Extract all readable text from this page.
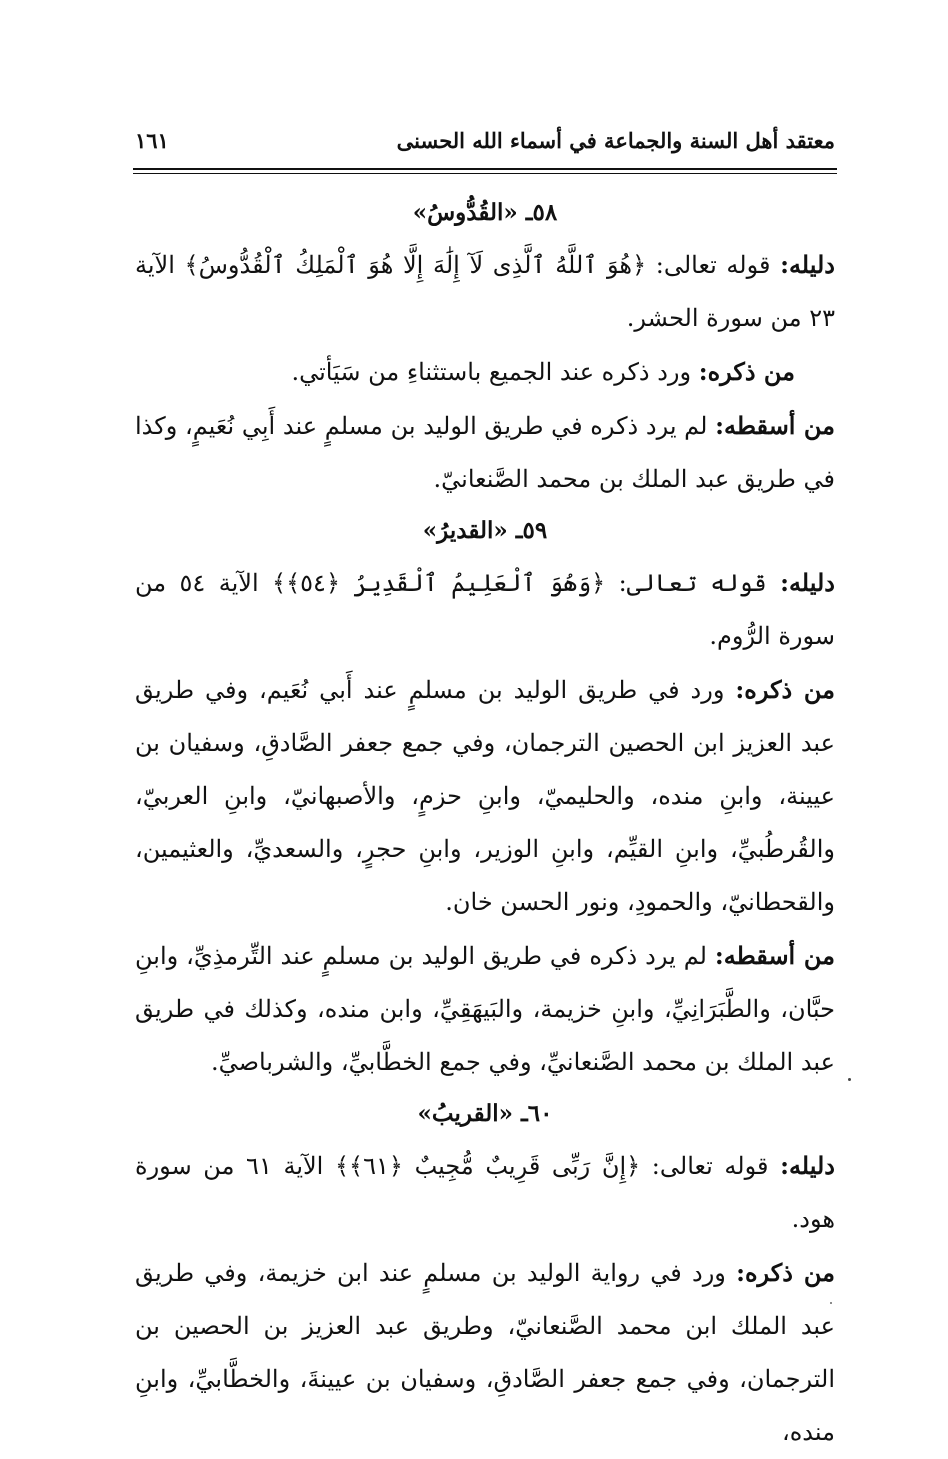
معتقد أهل السنة والجماعة في أسماء الله الحسنى
١٦١
٥٨ـ «القُدُّوسُ»

دليله: قوله تعالى: ﴿هُوَ ٱللَّهُ ٱلَّذِى لَآ إِلَٰهَ إِلَّا هُوَ ٱلْمَلِكُ ٱلْقُدُّوسُ﴾ الآية ٢٣ من سورة الحشر.

من ذكره: ورد ذكره عند الجميع باستثناءِ من سَيَأتي.

من أسقطه: لم يرد ذكره في طريق الوليد بن مسلمٍ عند أَبِي نُعَيمٍ، وكذا في طريق عبد الملك بن محمد الصَّنعانيّ.

٥٩ـ «القديرُ»

دليله: قوله تعالى: ﴿وَهُوَ ٱلْعَلِيمُ ٱلْقَدِيرُ ﴿٥٤﴾﴾ الآية ٥٤ من سورة الرُّوم.

من ذكره: ورد في طريق الوليد بن مسلمٍ عند أَبي نُعَيم، وفي طريق عبد العزيز ابن الحصين الترجمان، وفي جمع جعفر الصَّادقِ، وسفيان بن عيينة، وابنِ منده، والحليميّ، وابنِ حزمٍ، والأصبهانيّ، وابنِ العربيّ، والقُرطُبيِّ، وابنِ القيِّم، وابنِ الوزير، وابنِ حجرٍ، والسعديِّ، والعثيمين، والقحطانيّ، والحمودِ، ونور الحسن خان.

من أسقطه: لم يرد ذكره في طريق الوليد بن مسلمٍ عند التِّرمذِيِّ، وابنِ حبَّان، والطَّبَرَانِيِّ، وابنِ خزيمة، والبَيهَقِيِّ، وابن منده، وكذلك في طريق عبد الملك بن محمد الصَّنعانيِّ، وفي جمع الخطَّابيِّ، والشرباصيِّ.

٦٠ـ «القريبُ»

دليله: قوله تعالى: ﴿إِنَّ رَبِّى قَرِيبٌ مُّجِيبٌ ﴿٦١﴾﴾ الآية ٦١ من سورة هود.

من ذكره: ورد في رواية الوليد بن مسلمٍ عند ابن خزيمة، وفي طريق عبد الملك ابن محمد الصَّنعانيّ، وطريق عبد العزيز بن الحصين بن الترجمان، وفي جمع جعفر الصَّادقِ، وسفيان بن عيينةَ، والخطَّابيِّ، وابنِ منده،
